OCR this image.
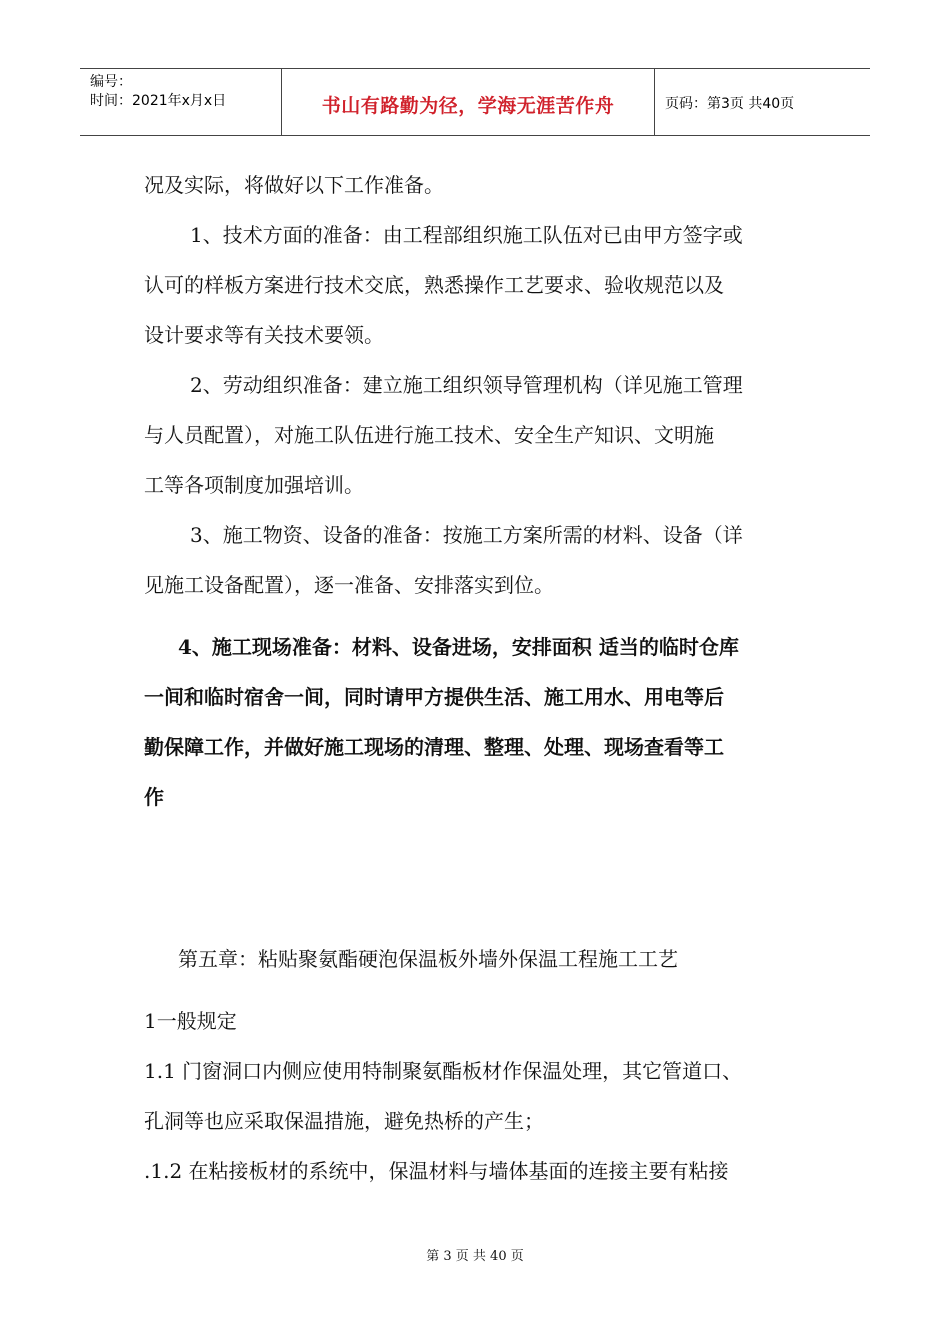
编号：
时间：2021年x月x日	书山有路勤为径，学海无涯苦作舟	页码：第3页 共40页

况及实际，将做好以下工作准备。

1、技术方面的准备：由工程部组织施工队伍对已由甲方签字或

认可的样板方案进行技术交底，熟悉操作工艺要求、验收规范以及

设计要求等有关技术要领。

2、劳动组织准备：建立施工组织领导管理机构（详见施工管理

与人员配置），对施工队伍进行施工技术、安全生产知识、文明施

工等各项制度加强培训。

3、施工物资、设备的准备：按施工方案所需的材料、设备（详

见施工设备配置），逐一准备、安排落实到位。

4、施工现场准备：材料、设备进场，安排面积 适当的临时仓库

一间和临时宿舍一间，同时请甲方提供生活、施工用水、用电等后

勤保障工作，并做好施工现场的清理、整理、处理、现场查看等工

作

第五章：粘贴聚氨酯硬泡保温板外墙外保温工程施工工艺

1一般规定

1.1 门窗洞口内侧应使用特制聚氨酯板材作保温处理，其它管道口、

孔洞等也应采取保温措施，避免热桥的产生；

.1.2 在粘接板材的系统中，保温材料与墙体基面的连接主要有粘接

第 3 页 共 40 页
